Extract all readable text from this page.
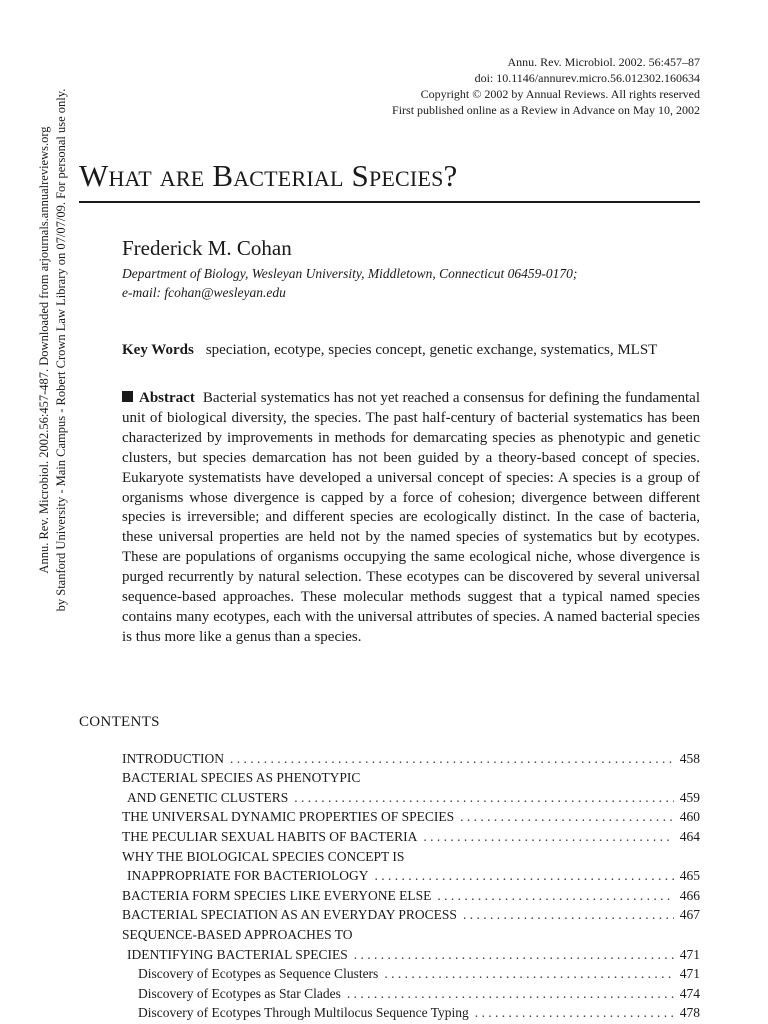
Annu. Rev. Microbiol. 2002. 56:457–87
doi: 10.1146/annurev.micro.56.012302.160634
Copyright © 2002 by Annual Reviews. All rights reserved
First published online as a Review in Advance on May 10, 2002
What are Bacterial Species?
Frederick M. Cohan
Department of Biology, Wesleyan University, Middletown, Connecticut 06459-0170;
e-mail: fcohan@wesleyan.edu
Key Words speciation, ecotype, species concept, genetic exchange, systematics, MLST
Abstract Bacterial systematics has not yet reached a consensus for defining the fundamental unit of biological diversity, the species. The past half-century of bacterial systematics has been characterized by improvements in methods for demarcating species as phenotypic and genetic clusters, but species demarcation has not been guided by a theory-based concept of species. Eukaryote systematists have developed a universal concept of species: A species is a group of organisms whose divergence is capped by a force of cohesion; divergence between different species is irreversible; and different species are ecologically distinct. In the case of bacteria, these universal properties are held not by the named species of systematics but by ecotypes. These are populations of organisms occupying the same ecological niche, whose divergence is purged recurrently by natural selection. These ecotypes can be discovered by several universal sequence-based approaches. These molecular methods suggest that a typical named species contains many ecotypes, each with the universal attributes of species. A named bacterial species is thus more like a genus than a species.
CONTENTS
INTRODUCTION . . .	458
BACTERIAL SPECIES AS PHENOTYPIC
AND GENETIC CLUSTERS . . .	459
THE UNIVERSAL DYNAMIC PROPERTIES OF SPECIES . . .	460
THE PECULIAR SEXUAL HABITS OF BACTERIA . . .	464
WHY THE BIOLOGICAL SPECIES CONCEPT IS
INAPPROPRIATE FOR BACTERIOLOGY . . .	465
BACTERIA FORM SPECIES LIKE EVERYONE ELSE . . .	466
BACTERIAL SPECIATION AS AN EVERYDAY PROCESS . . .	467
SEQUENCE-BASED APPROACHES TO
IDENTIFYING BACTERIAL SPECIES . . .	471
Discovery of Ecotypes as Sequence Clusters . . .	471
Discovery of Ecotypes as Star Clades . . .	474
Discovery of Ecotypes Through Multilocus Sequence Typing . . .	478
Annu. Rev. Microbiol. 2002.56:457-487. Downloaded from arjournals.annualreviews.org by Stanford University - Main Campus - Robert Crown Law Library on 07/07/09. For personal use only.
